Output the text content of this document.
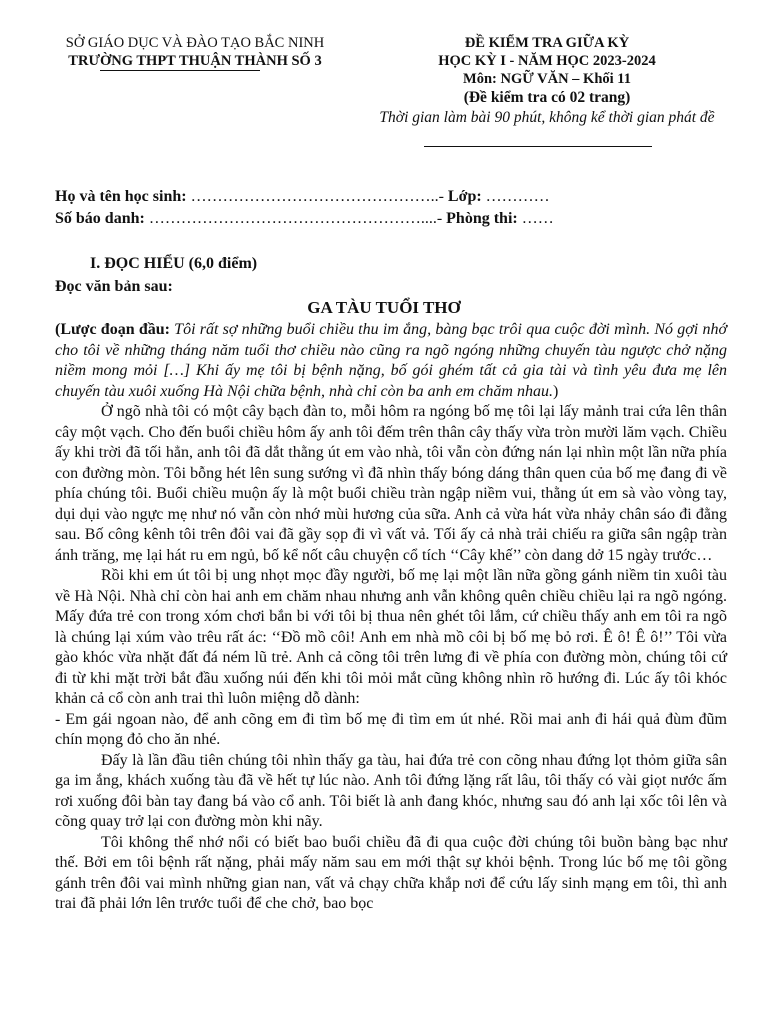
SỞ GIÁO DỤC VÀ ĐÀO TẠO BẮC NINH
TRƯỜNG THPT THUẬN THÀNH SỐ 3
ĐỀ KIỂM TRA GIỮA KỲ
HỌC KỲ I - NĂM HỌC 2023-2024
Môn: NGỮ VĂN – Khối 11
(Đề kiểm tra có 02 trang)
Thời gian làm bài 90 phút, không kể thời gian phát đề
Họ và tên học sinh: ………………………………………..- Lớp: …………
Số báo danh: ……………………………………………....- Phòng thi: ……
I. ĐỌC HIỂU (6,0 điểm)
Đọc văn bản sau:
GA TÀU TUỔI THƠ

(Lược đoạn đầu: Tôi rất sợ những buổi chiều thu im ắng, bàng bạc trôi qua cuộc đời mình. Nó gợi nhớ cho tôi về những tháng năm tuổi thơ chiều nào cũng ra ngõ ngóng những chuyến tàu ngược chở nặng niềm mong mỏi […] Khi ấy mẹ tôi bị bệnh nặng, bố gói ghém tất cả gia tài và tình yêu đưa mẹ lên chuyến tàu xuôi xuống Hà Nội chữa bệnh, nhà chỉ còn ba anh em chăm nhau.)

Ở ngõ nhà tôi có một cây bạch đàn to, mỗi hôm ra ngóng bố mẹ tôi lại lấy mảnh trai cứa lên thân cây một vạch. Cho đến buổi chiều hôm ấy anh tôi đếm trên thân cây thấy vừa tròn mười lăm vạch. Chiều ấy khi trời đã tối hẳn, anh tôi đã dắt thằng út em vào nhà, tôi vẫn còn đứng nán lại nhìn một lần nữa phía con đường mòn. Tôi bỗng hét lên sung sướng vì đã nhìn thấy bóng dáng thân quen của bố mẹ đang đi về phía chúng tôi. Buổi chiều muộn ấy là một buổi chiều tràn ngập niềm vui, thằng út em sà vào vòng tay, dụi dụi vào ngực mẹ như nó vẫn còn nhớ mùi hương của sữa. Anh cả vừa hát vừa nhảy chân sáo đi đằng sau. Bố công kênh tôi trên đôi vai đã gầy sọp đi vì vất vả. Tối ấy cả nhà trải chiếu ra giữa sân ngập tràn ánh trăng, mẹ lại hát ru em ngủ, bố kể nốt câu chuyện cổ tích ‘‘Cây khế’’ còn dang dở 15 ngày trước…

Rồi khi em út tôi bị ung nhọt mọc đầy người, bố mẹ lại một lần nữa gồng gánh niềm tin xuôi tàu về Hà Nội. Nhà chỉ còn hai anh em chăm nhau nhưng anh vẫn không quên chiều chiều lại ra ngõ ngóng. Mấy đứa trẻ con trong xóm chơi bắn bi với tôi bị thua nên ghét tôi lắm, cứ chiều thấy anh em tôi ra ngõ là chúng lại xúm vào trêu rất ác: ‘‘Đồ mồ côi! Anh em nhà mồ côi bị bố mẹ bỏ rơi. Ê ô! Ê ô!’’ Tôi vừa gào khóc vừa nhặt đất đá ném lũ trẻ. Anh cả cõng tôi trên lưng đi về phía con đường mòn, chúng tôi cứ đi từ khi mặt trời bắt đầu xuống núi đến khi tôi mỏi mắt cũng không nhìn rõ hướng đi. Lúc ấy tôi khóc khản cả cổ còn anh trai thì luôn miệng dỗ dành:

- Em gái ngoan nào, để anh cõng em đi tìm bố mẹ đi tìm em út nhé. Rồi mai anh đi hái quả đùm đũm chín mọng đỏ cho ăn nhé.

Đấy là lần đầu tiên chúng tôi nhìn thấy ga tàu, hai đứa trẻ con cõng nhau đứng lọt thỏm giữa sân ga im ắng, khách xuống tàu đã về hết tự lúc nào. Anh tôi đứng lặng rất lâu, tôi thấy có vài giọt nước ấm rơi xuống đôi bàn tay đang bá vào cổ anh. Tôi biết là anh đang khóc, nhưng sau đó anh lại xốc tôi lên và cõng quay trở lại con đường mòn khi nãy.

Tôi không thể nhớ nổi có biết bao buổi chiều đã đi qua cuộc đời chúng tôi buồn bàng bạc như thế. Bởi em tôi bệnh rất nặng, phải mấy năm sau em mới thật sự khỏi bệnh. Trong lúc bố mẹ tôi gồng gánh trên đôi vai mình những gian nan, vất vả chạy chữa khắp nơi để cứu lấy sinh mạng em tôi, thì anh trai đã phải lớn lên trước tuổi để che chở, bao bọc
